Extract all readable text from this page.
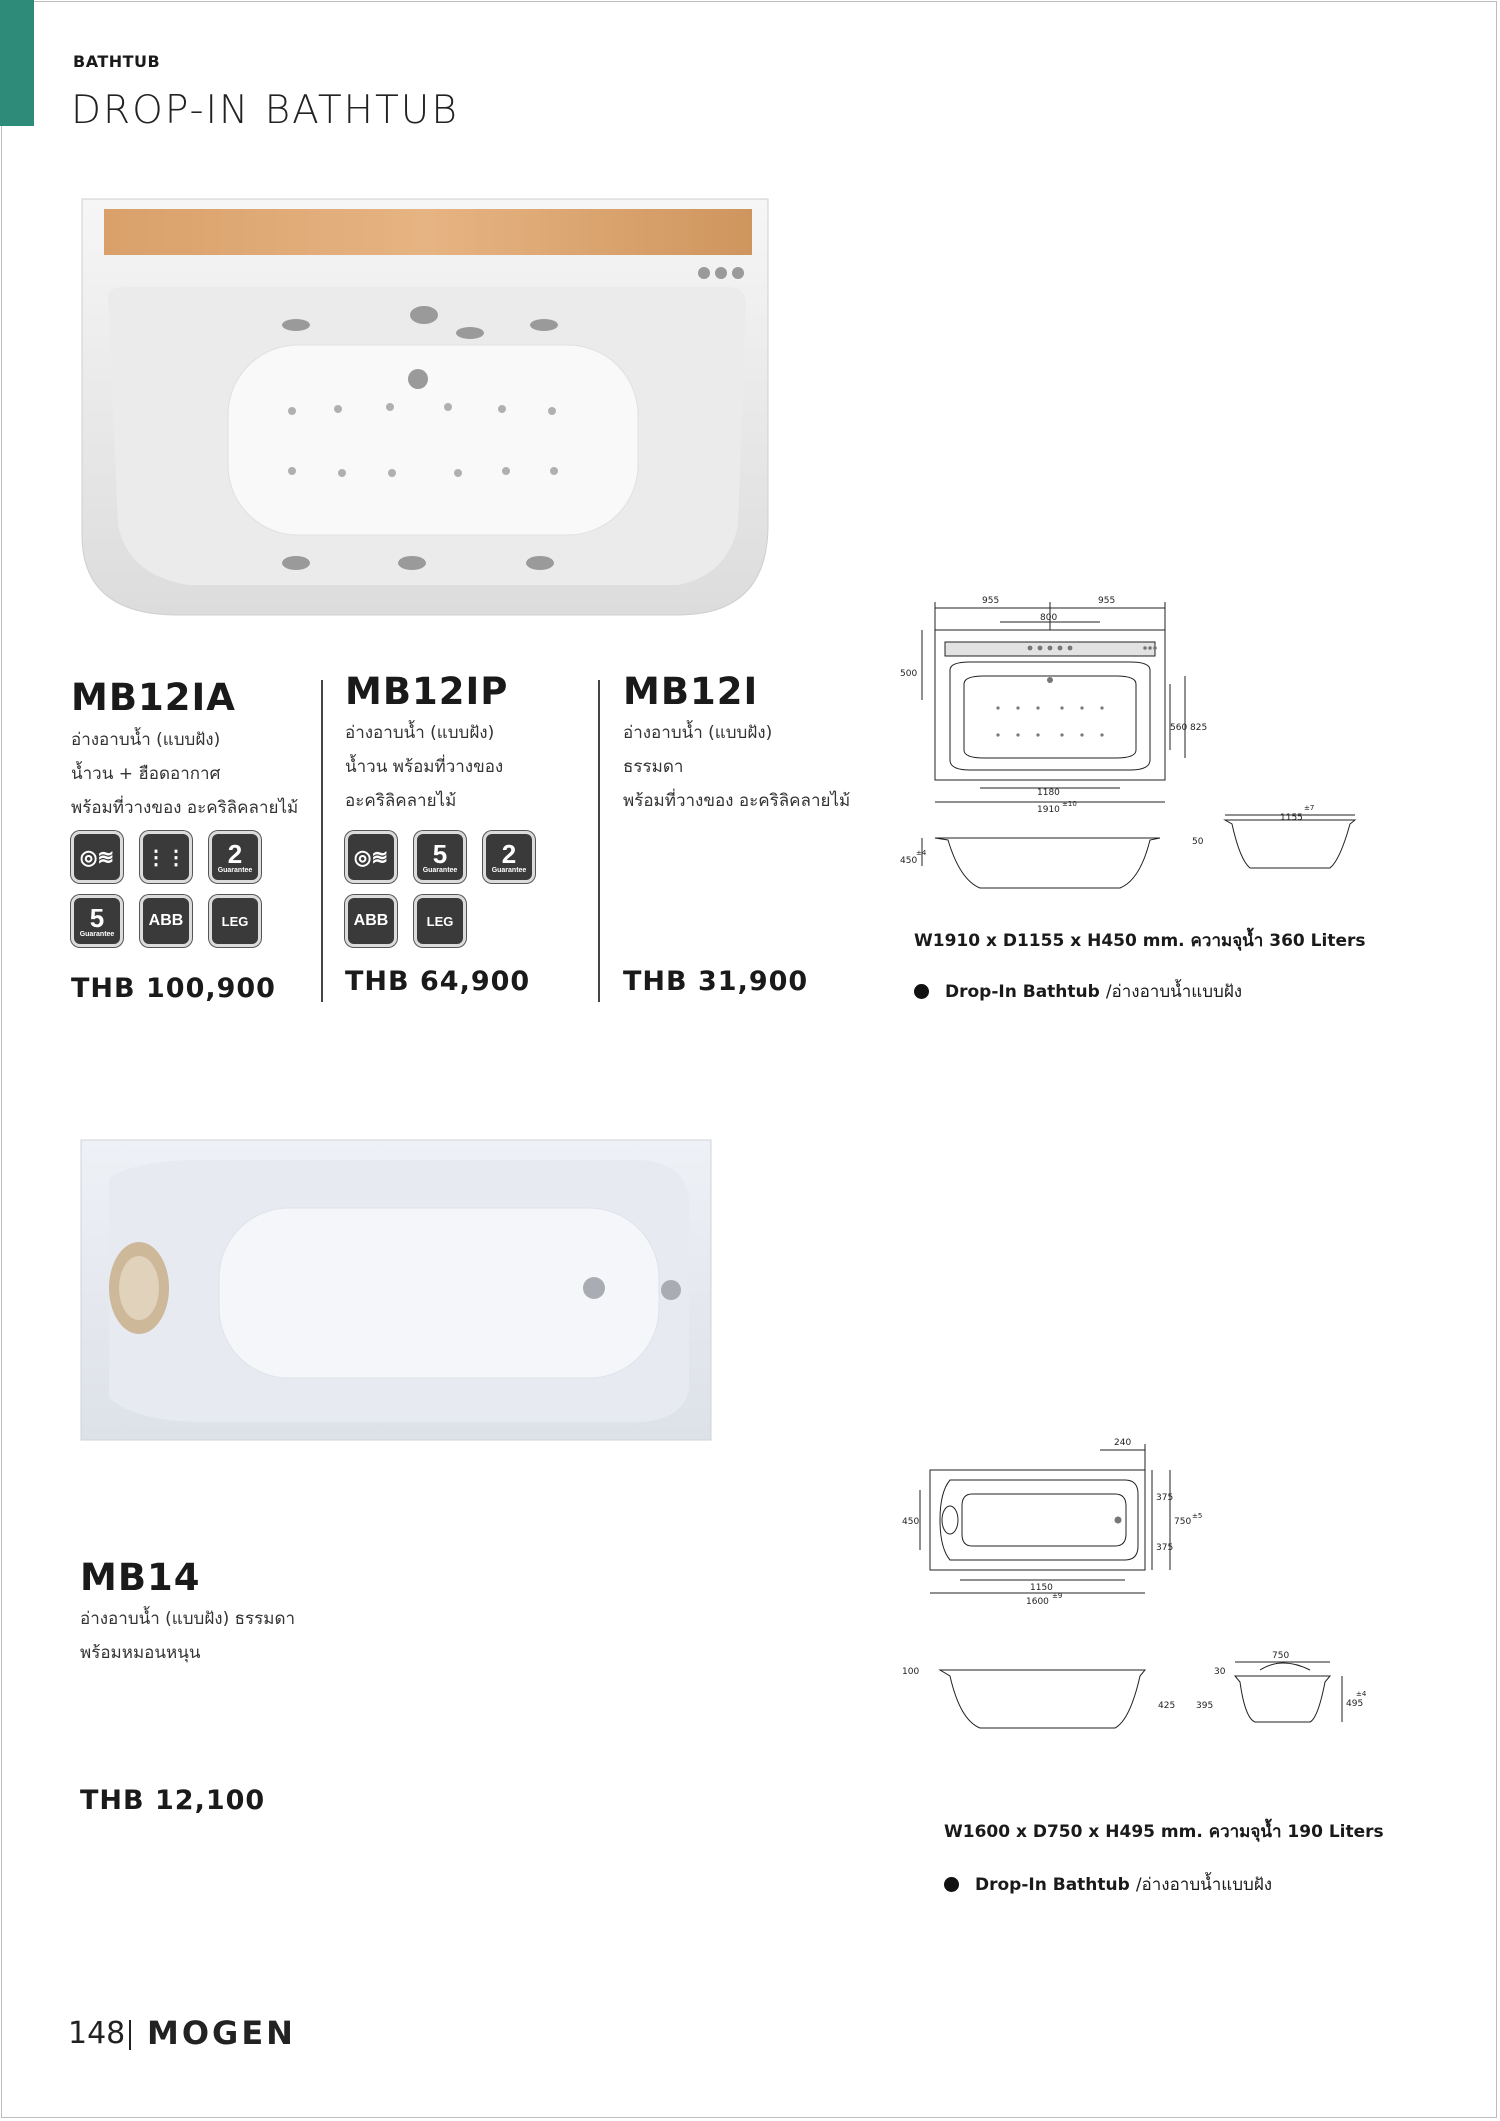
BATHTUB
DROP-IN BATHTUB
MB12IA
อ่างอาบน้ำ (แบบฝัง)
น้ำวน + ฮือดอากาศ
พร้อมที่วางของ อะคริลิคลายไม้
MB12IP
อ่างอาบน้ำ (แบบฝัง)
น้ำวน พร้อมที่วางของ
อะคริลิคลายไม้
MB12I
อ่างอาบน้ำ (แบบฝัง)
ธรรมดา
พร้อมที่วางของ อะคริลิคลายไม้
◎≋ ⋮⋮ 2
Guarantee
5
Guarantee
ABB	LEG
◎≋ 5
Guarantee
2
Guarantee
ABB	LEG
THB 100,900	THB 64,900	THB 31,900
955	955
800
500
560 825
1180
1910
±10
1155
±7
450
±4
50
W1910 x D1155 x H450 mm. ความจุน้ำ 360 Liters
Drop-In Bathtub /อ่างอาบน้ำแบบฝัง
MB14
อ่างอาบน้ำ (แบบฝัง) ธรรมดา
พร้อมหมอนหนุน
THB 12,100
240
375
375
750
±5
450
1150
1600
±9
100
425
750
30
395	495
±4
W1600 x D750 x H495 mm. ความจุน้ำ 190 Liters
Drop-In Bathtub /อ่างอาบน้ำแบบฝัง
148 MOGEN
